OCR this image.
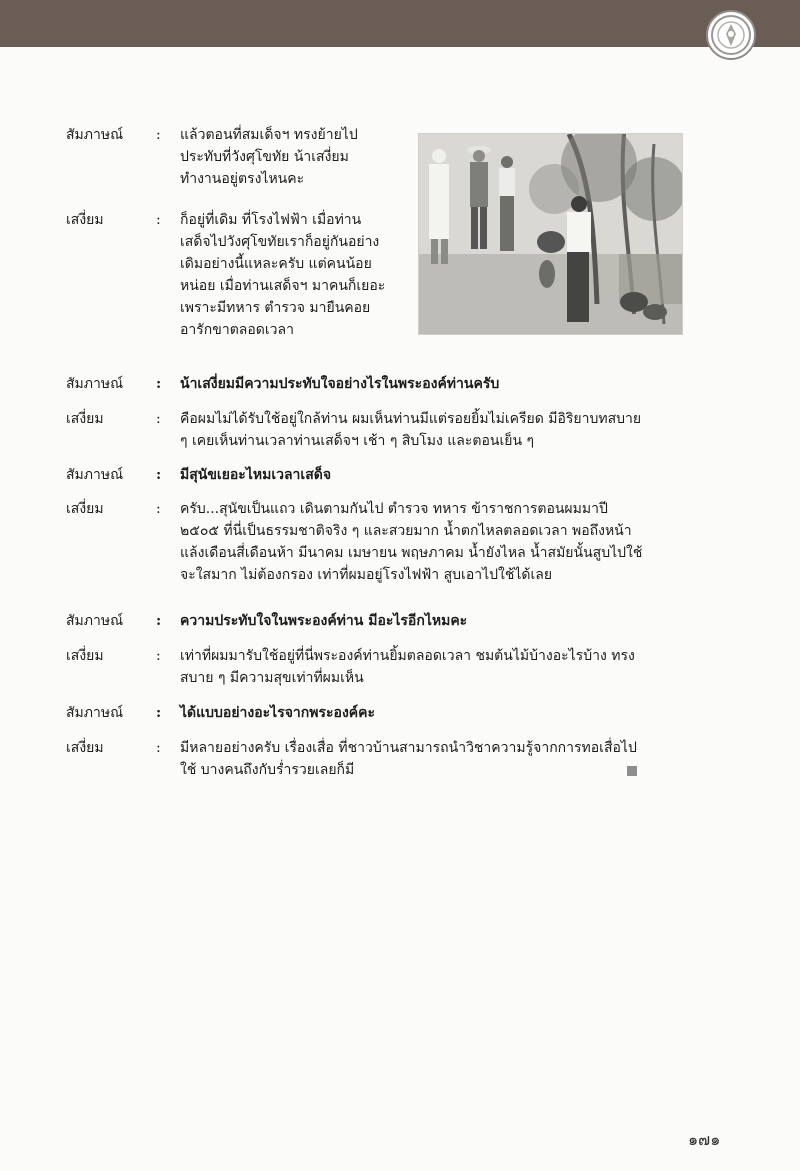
สัมภาษณ์	:	แล้วตอนที่สมเด็จฯ ทรงย้ายไปประทับที่วังศุโขทัย น้าเสงี่ยมทำงานอยู่ตรงไหนคะ
เสงี่ยม	:	ก็อยู่ที่เดิม ที่โรงไฟฟ้า เมื่อท่านเสด็จไปวังศุโขทัยเราก็อยู่กันอย่างเดิมอย่างนี้แหละครับ แต่คนน้อยหน่อย เมื่อท่านเสด็จฯ มาคนก็เยอะเพราะมีทหาร ตำรวจ มายืนคอยอารักขาตลอดเวลา
สัมภาษณ์	:	น้าเสงี่ยมมีความประทับใจอย่างไรในพระองค์ท่านครับ
เสงี่ยม	:	คือผมไม่ได้รับใช้อยู่ใกล้ท่าน ผมเห็นท่านมีแต่รอยยิ้มไม่เครียด มีอิริยาบทสบาย ๆ เคยเห็นท่านเวลาท่านเสด็จฯ เช้า ๆ สิบโมง และตอนเย็น ๆ
สัมภาษณ์	:	มีสุนัขเยอะไหมเวลาเสด็จ
เสงี่ยม	:	ครับ...สุนัขเป็นแถว เดินตามกันไป ตำรวจ ทหาร ข้าราชการตอนผมมาปี ๒๕๐๕ ที่นี่เป็นธรรมชาติจริง ๆ และสวยมาก น้ำตกไหลตลอดเวลา พอถึงหน้าแล้งเดือนสี่เดือนห้า มีนาคม เมษายน พฤษภาคม น้ำยังไหล น้ำสมัยนั้นสูบไปใช้จะใสมาก ไม่ต้องกรอง เท่าที่ผมอยู่โรงไฟฟ้า สูบเอาไปใช้ได้เลย
สัมภาษณ์	:	ความประทับใจในพระองค์ท่าน มีอะไรอีกไหมคะ
เสงี่ยม	:	เท่าที่ผมมารับใช้อยู่ที่นี่พระองค์ท่านยิ้มตลอดเวลา ชมต้นไม้บ้างอะไรบ้าง ทรงสบาย ๆ มีความสุขเท่าที่ผมเห็น
สัมภาษณ์	:	ได้แบบอย่างอะไรจากพระองค์คะ
เสงี่ยม	:	มีหลายอย่างครับ เรื่องเสื่อ ที่ชาวบ้านสามารถนำวิชาความรู้จากการทอเสื่อไปใช้ บางคนถึงกับร่ำรวยเลยก็มี
๑๗๑
